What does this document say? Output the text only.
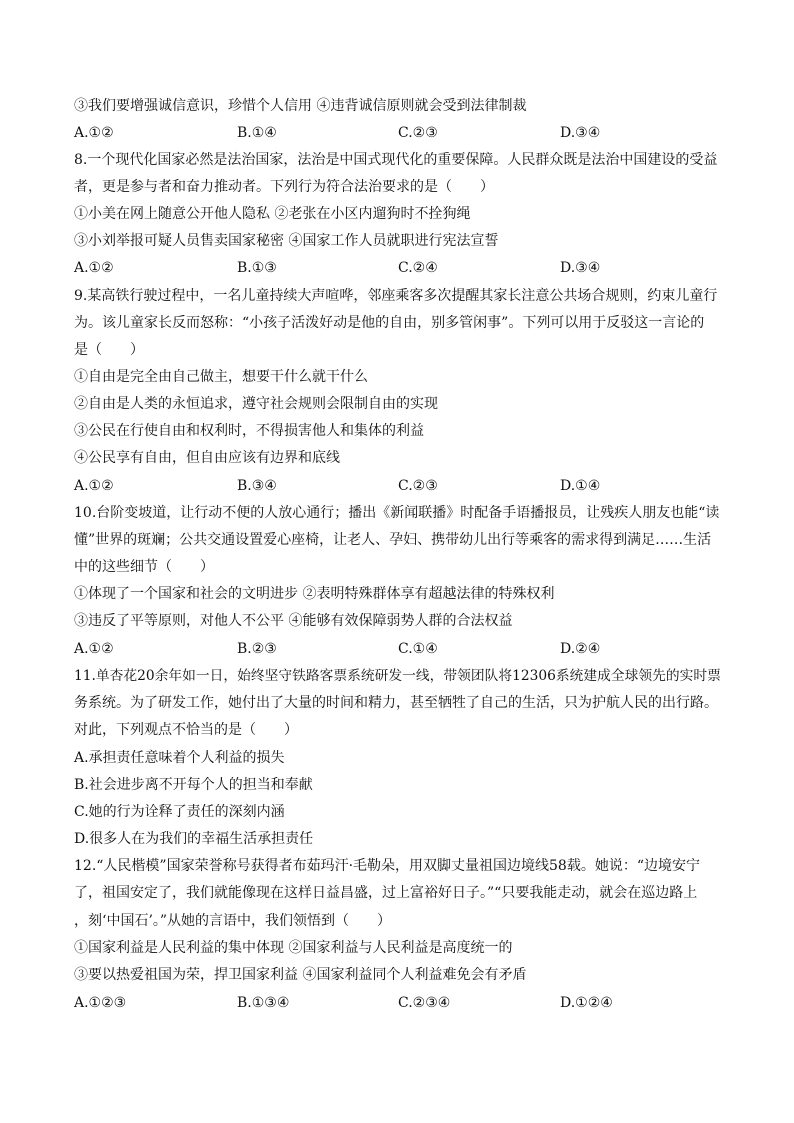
③我们要增强诚信意识，珍惜个人信用 ④违背诚信原则就会受到法律制裁
A.①②	B.①④	C.②③	D.③④
8.一个现代化国家必然是法治国家，法治是中国式现代化的重要保障。人民群众既是法治中国建设的受益
者，更是参与者和奋力推动者。下列行为符合法治要求的是（　　）
①小美在网上随意公开他人隐私 ②老张在小区内遛狗时不拴狗绳
③小刘举报可疑人员售卖国家秘密 ④国家工作人员就职进行宪法宣誓
A.①②	B.①③	C.②④	D.③④
9.某高铁行驶过程中，一名儿童持续大声喧哗，邻座乘客多次提醒其家长注意公共场合规则，约束儿童行
为。该儿童家长反而怒称：“小孩子活泼好动是他的自由，别多管闲事”。下列可以用于反驳这一言论的
是（　　）
①自由是完全由自己做主，想要干什么就干什么
②自由是人类的永恒追求，遵守社会规则会限制自由的实现
③公民在行使自由和权利时，不得损害他人和集体的利益
④公民享有自由，但自由应该有边界和底线
A.①②	B.③④	C.②③	D.①④
10.台阶变坡道，让行动不便的人放心通行；播出《新闻联播》时配备手语播报员，让残疾人朋友也能“读
懂”世界的斑斓；公共交通设置爱心座椅，让老人、孕妇、携带幼儿出行等乘客的需求得到满足……生活
中的这些细节（　　）
①体现了一个国家和社会的文明进步 ②表明特殊群体享有超越法律的特殊权利
③违反了平等原则，对他人不公平 ④能够有效保障弱势人群的合法权益
A.①②	B.②③	C.①④	D.②④
11.单杏花20余年如一日，始终坚守铁路客票系统研发一线，带领团队将12306系统建成全球领先的实时票
务系统。为了研发工作，她付出了大量的时间和精力，甚至牺牲了自己的生活，只为护航人民的出行路。
对此，下列观点不恰当的是（　　）
A.承担责任意味着个人利益的损失
B.社会进步离不开每个人的担当和奉献
C.她的行为诠释了责任的深刻内涵
D.很多人在为我们的幸福生活承担责任
12.“人民楷模”国家荣誉称号获得者布茹玛汗·毛勒朵，用双脚丈量祖国边境线58载。她说：“边境安宁
了，祖国安定了，我们就能像现在这样日益昌盛，过上富裕好日子。”“只要我能走动，就会在巡边路上
，刻‘中国石’。”从她的言语中，我们领悟到（　　）
①国家利益是人民利益的集中体现 ②国家利益与人民利益是高度统一的
③要以热爱祖国为荣，捍卫国家利益 ④国家利益同个人利益难免会有矛盾
A.①②③	B.①③④	C.②③④	D.①②④
